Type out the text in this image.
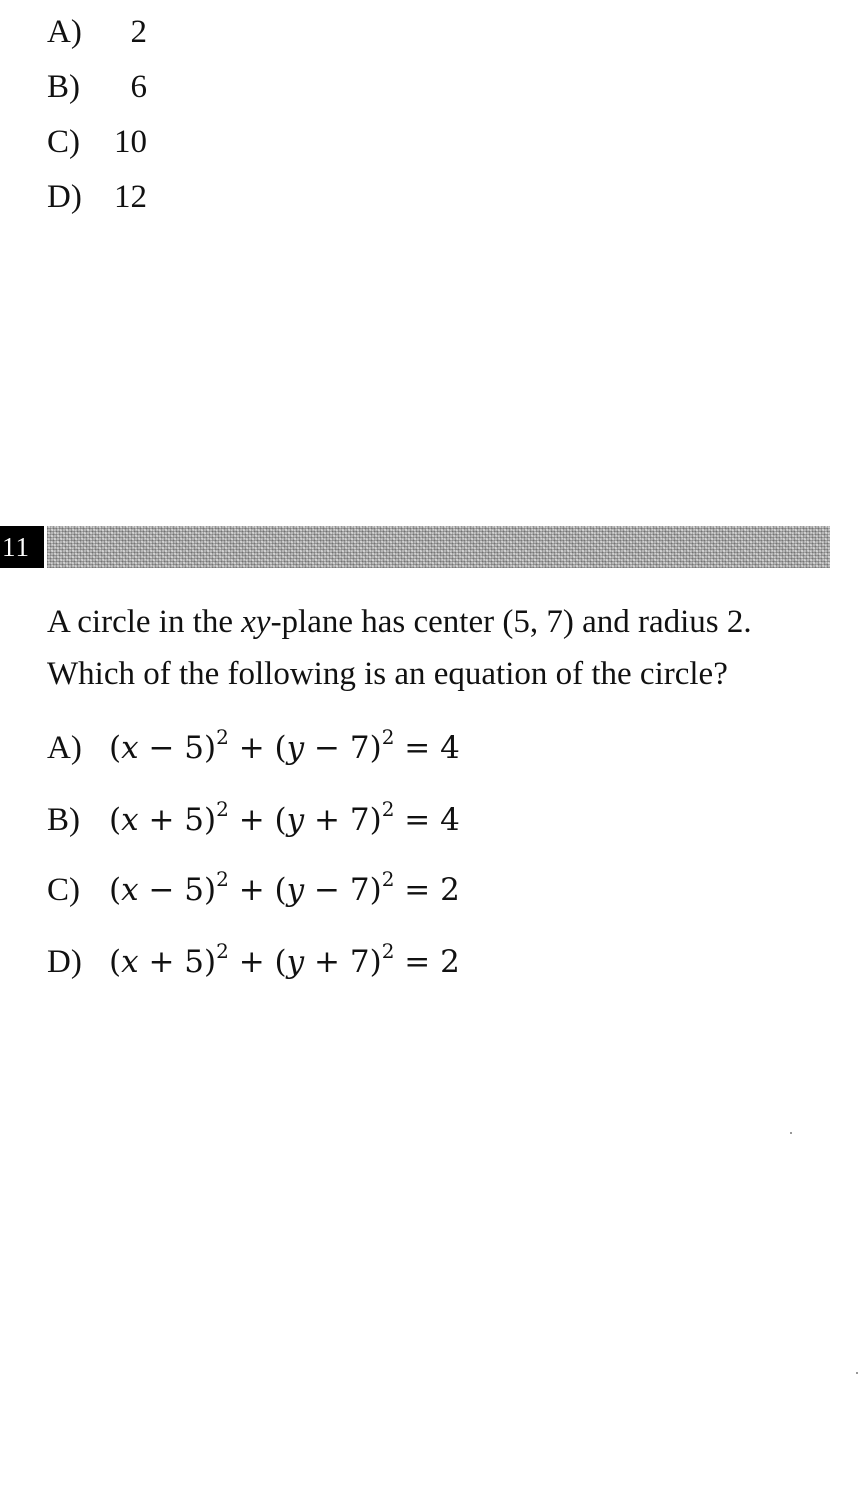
A) 2
B) 6
C) 10
D) 12
11

A circle in the xy-plane has center (5, 7) and radius 2.

Which of the following is an equation of the circle?

A) $(x - 5)^2 + (y - 7)^2 = 4$
B) $(x + 5)^2 + (y + 7)^2 = 4$
C) $(x - 5)^2 + (y - 7)^2 = 2$
D) $(x + 5)^2 + (y + 7)^2 = 2$
